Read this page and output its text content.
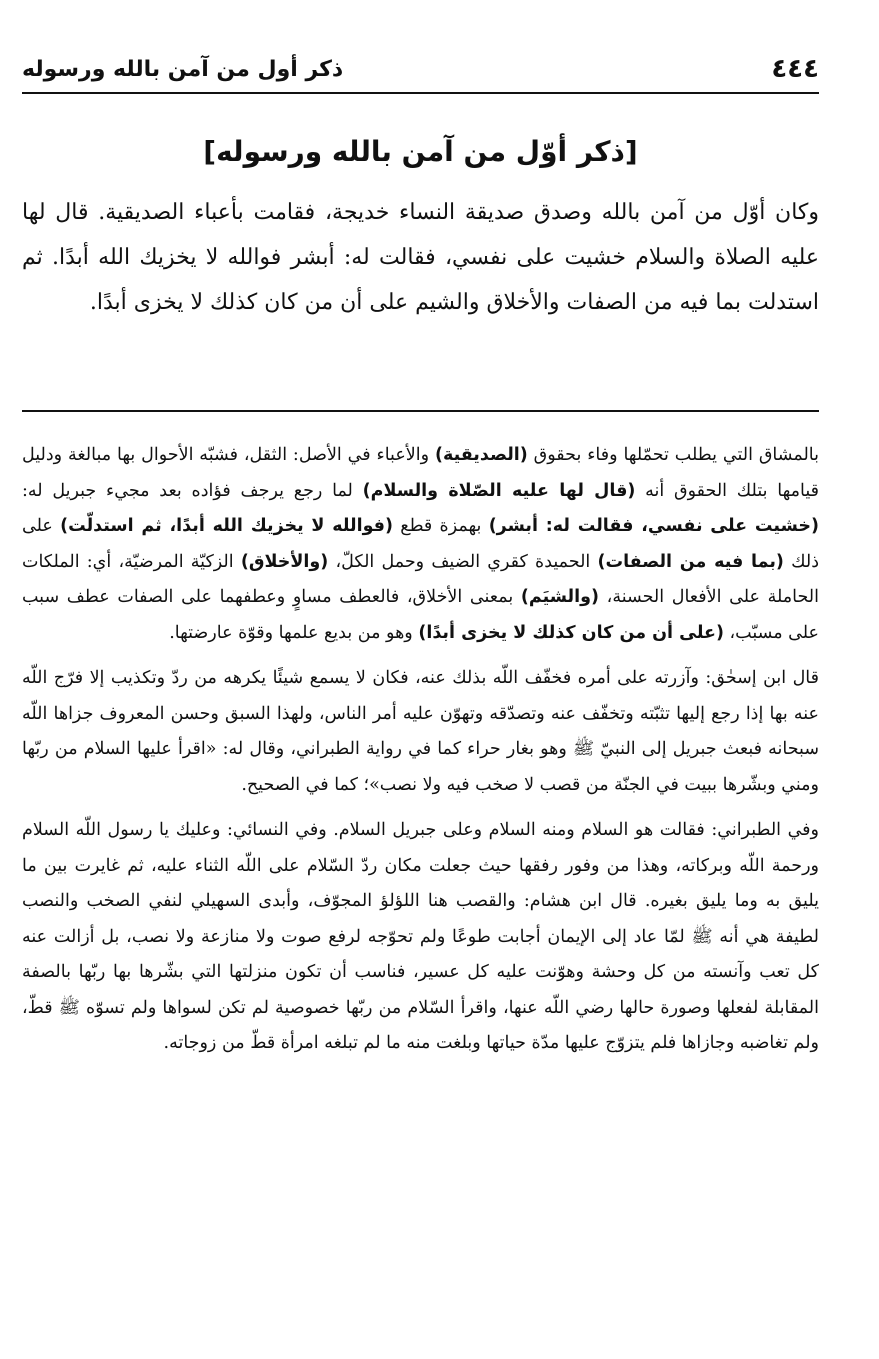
٤٤٤
ذكر أول من آمن بالله ورسوله
[ذكر أوّل من آمن بالله ورسوله]

وكان أوّل من آمن بالله وصدق صديقة النساء خديجة، فقامت بأعباء الصديقية. قال لها عليه الصلاة والسلام خشيت على نفسي، فقالت له: أبشر فوالله لا يخزيك الله أبدًا. ثم استدلت بما فيه من الصفات والأخلاق والشيم على أن من كان كذلك لا يخزى أبدًا.

بالمشاق التي يطلب تحمّلها وفاء بحقوق (الصديقية) والأعباء في الأصل: الثقل، فشبّه الأحوال بها مبالغة ودليل قيامها بتلك الحقوق أنه (قال لها عليه الصّلاة والسلام) لما رجع يرجف فؤاده بعد مجيء جبريل له: (خشيت على نفسي، فقالت له: أبشر) بهمزة قطع (فوالله لا يخزيك الله أبدًا، ثم استدلّت) على ذلك (بما فيه من الصفات) الحميدة كقري الضيف وحمل الكلّ، (والأخلاق) الزكيّة المرضيّة، أي: الملكات الحاملة على الأفعال الحسنة، (والشيَم) بمعنى الأخلاق، فالعطف مساوٍ وعطفهما على الصفات عطف سبب على مسبّب، (على أن من كان كذلك لا يخزى أبدًا) وهو من بديع علمها وقوّة عارضتها.

قال ابن إسحٰق: وآزرته على أمره فخفّف اللّه بذلك عنه، فكان لا يسمع شيئًا يكرهه من ردّ وتكذيب إلا فرّج اللّه عنه بها إذا رجع إليها تثبّته وتخفّف عنه وتصدّقه وتهوّن عليه أمر الناس، ولهذا السبق وحسن المعروف جزاها اللّه سبحانه فبعث جبريل إلى النبيّ ﷺ وهو بغار حراء كما في رواية الطبراني، وقال له: «اقرأ عليها السلام من ربّها ومني وبشّرها ببيت في الجنّة من قصب لا صخب فيه ولا نصب»؛ كما في الصحيح.

وفي الطبراني: فقالت هو السلام ومنه السلام وعلى جبريل السلام. وفي النسائي: وعليك يا رسول اللّه السلام ورحمة اللّه وبركاته، وهذا من وفور رفقها حيث جعلت مكان ردّ السّلام على اللّه الثناء عليه، ثم غايرت بين ما يليق به وما يليق بغيره. قال ابن هشام: والقصب هنا اللؤلؤ المجوّف، وأبدى السهيلي لنفي الصخب والنصب لطيفة هي أنه ﷺ لمّا عاد إلى الإيمان أجابت طوعًا ولم تحوّجه لرفع صوت ولا منازعة ولا نصب، بل أزالت عنه كل تعب وآنسته من كل وحشة وهوّنت عليه كل عسير، فناسب أن تكون منزلتها التي بشّرها بها ربّها بالصفة المقابلة لفعلها وصورة حالها رضي اللّه عنها، واقرأ السّلام من ربّها خصوصية لم تكن لسواها ولم تسوّه ﷺ قطّ، ولم تغاضبه وجازاها فلم يتزوّج عليها مدّة حياتها وبلغت منه ما لم تبلغه امرأة قطّ من زوجاته.
